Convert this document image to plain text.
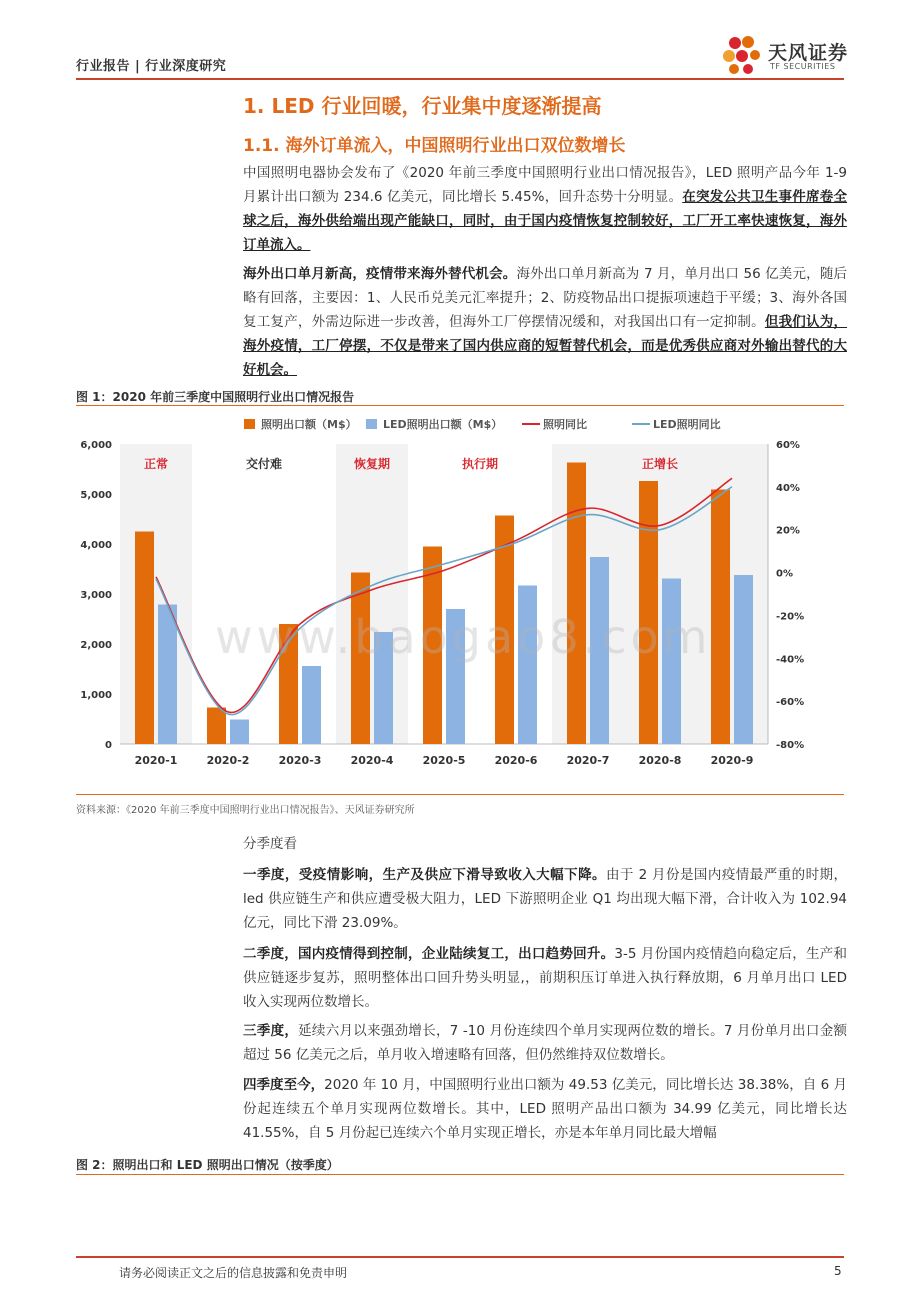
行业报告 | 行业深度研究
天风证券
TF SECURITIES
1. LED 行业回暖，行业集中度逐渐提高
1.1. 海外订单流入，中国照明行业出口双位数增长

中国照明电器协会发布了《2020 年前三季度中国照明行业出口情况报告》，LED 照明产品今年 1-9 月累计出口额为 234.6 亿美元，同比增长 5.45%，回升态势十分明显。在突发公共卫生事件席卷全球之后，海外供给端出现产能缺口，同时，由于国内疫情恢复控制较好，工厂开工率快速恢复，海外订单流入。

海外出口单月新高，疫情带来海外替代机会。海外出口单月新高为 7 月，单月出口 56 亿美元，随后略有回落，主要因：1、人民币兑美元汇率提升；2、防疫物品出口提振项速趋于平缓；3、海外各国复工复产，外需边际进一步改善，但海外工厂停摆情况缓和，对我国出口有一定抑制。但我们认为，海外疫情，工厂停摆，不仅是带来了国内供应商的短暂替代机会，而是优秀供应商对外输出替代的大好机会。

图 1：2020 年前三季度中国照明行业出口情况报告
正常	交付难	恢复期	执行期	正增长
0
1,000
2,000
3,000
4,000
5,000
6,000
-80%
-60%
-40%
-20%
0%
20%
40%
60%
2020-1	2020-2	2020-3	2020-4	2020-5	2020-6	2020-7	2020-8	2020-9
照明出口额（M$） LED照明出口额（M$）	照明同比	LED照明同比
www.baogao8.com
资料来源：《2020 年前三季度中国照明行业出口情况报告》、天风证券研究所

分季度看

一季度，受疫情影响，生产及供应下滑导致收入大幅下降。由于 2 月份是国内疫情最严重的时期，led 供应链生产和供应遭受极大阻力，LED 下游照明企业 Q1 均出现大幅下滑，合计收入为 102.94 亿元，同比下滑 23.09%。

二季度，国内疫情得到控制，企业陆续复工，出口趋势回升。3-5 月份国内疫情趋向稳定后，生产和供应链逐步复苏，照明整体出口回升势头明显,，前期积压订单进入执行释放期，6 月单月出口 LED 收入实现两位数增长。

三季度，延续六月以来强劲增长，7 -10 月份连续四个单月实现两位数的增长。7 月份单月出口金额超过 56 亿美元之后，单月收入增速略有回落，但仍然维持双位数增长。

四季度至今，2020 年 10 月，中国照明行业出口额为 49.53 亿美元，同比增长达 38.38%，自 6 月份起连续五个单月实现两位数增长。其中，LED 照明产品出口额为 34.99 亿美元，同比增长达 41.55%，自 5 月份起已连续六个单月实现正增长，亦是本年单月同比最大增幅

图 2：照明出口和 LED 照明出口情况（按季度）
请务必阅读正文之后的信息披露和免责申明	5
